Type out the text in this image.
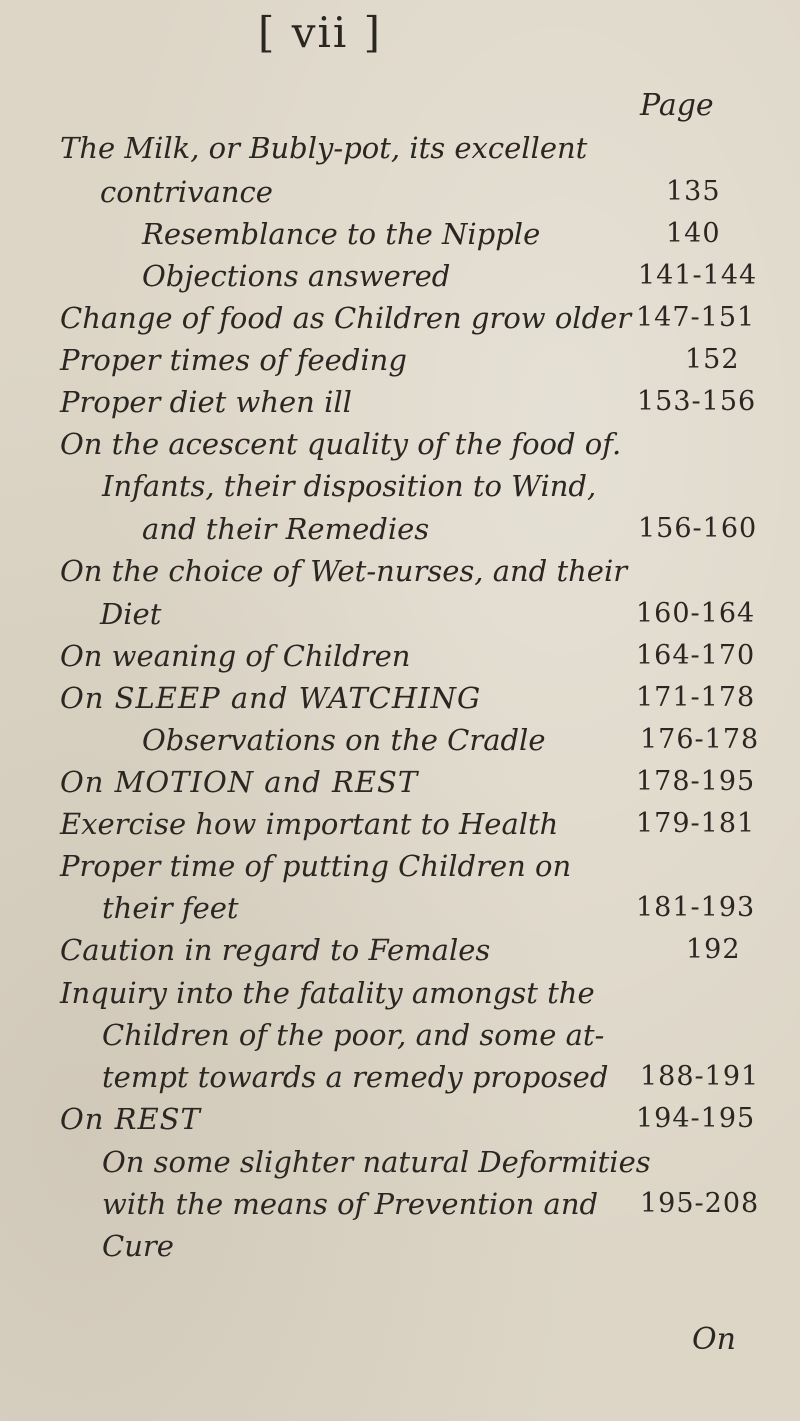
[ vii ]
Page
The Milk, or Bubly-pot, its excellent
contrivance	135
Resemblance to the Nipple	140
Objections answered	141-144
Change of food as Children grow older 147-151
Proper times of feeding	152
Proper diet when ill	153-156
On the acescent quality of the food of.
Infants, their disposition to Wind,
and their Remedies	156-160
On the choice of Wet-nurses, and their
Diet	160-164
On weaning of Children	164-170
On SLEEP and WATCHING	171-178
Observations on the Cradle	176-178
On MOTION and REST	178-195
Exercise how important to Health	179-181
Proper time of putting Children on
their feet	181-193
Caution in regard to Females	192
Inquiry into the fatality amongst the
Children of the poor, and some at-
tempt towards a remedy proposed 188-191
On REST	194-195
On some slighter natural Deformities
with the means of Prevention and 195-208
Cure
On
